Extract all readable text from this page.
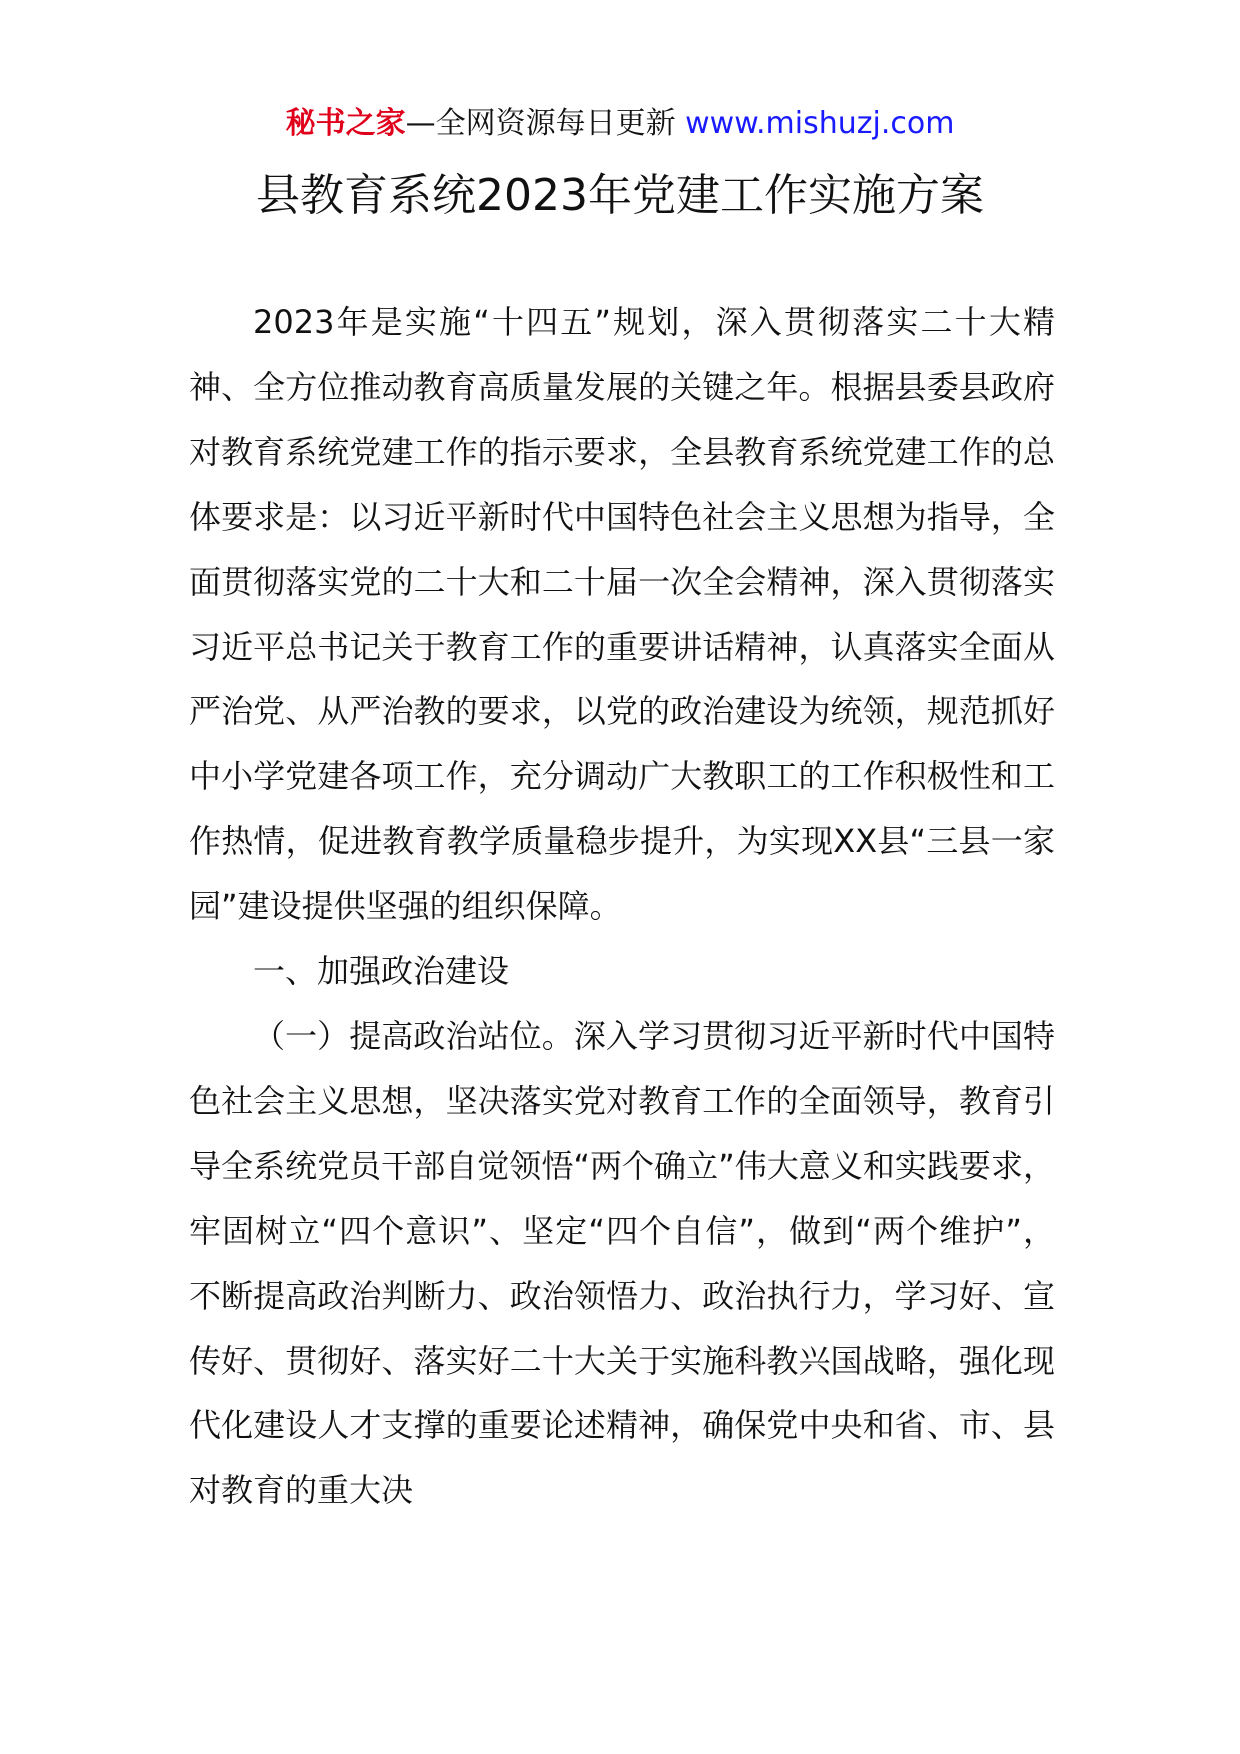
秘书之家—全网资源每日更新 www.mishuzj.com
县教育系统2023年党建工作实施方案

2023年是实施“十四五”规划，深入贯彻落实二十大精神、全方位推动教育高质量发展的关键之年。根据县委县政府对教育系统党建工作的指示要求，全县教育系统党建工作的总体要求是：以习近平新时代中国特色社会主义思想为指导，全面贯彻落实党的二十大和二十届一次全会精神，深入贯彻落实习近平总书记关于教育工作的重要讲话精神，认真落实全面从严治党、从严治教的要求，以党的政治建设为统领，规范抓好中小学党建各项工作，充分调动广大教职工的工作积极性和工作热情，促进教育教学质量稳步提升，为实现XX县“三县一家园”建设提供坚强的组织保障。

一、加强政治建设

（一）提高政治站位。深入学习贯彻习近平新时代中国特色社会主义思想，坚决落实党对教育工作的全面领导，教育引导全系统党员干部自觉领悟“两个确立”伟大意义和实践要求，牢固树立“四个意识”、坚定“四个自信”，做到“两个维护”，不断提高政治判断力、政治领悟力、政治执行力，学习好、宣传好、贯彻好、落实好二十大关于实施科教兴国战略，强化现代化建设人才支撑的重要论述精神，确保党中央和省、市、县对教育的重大决
